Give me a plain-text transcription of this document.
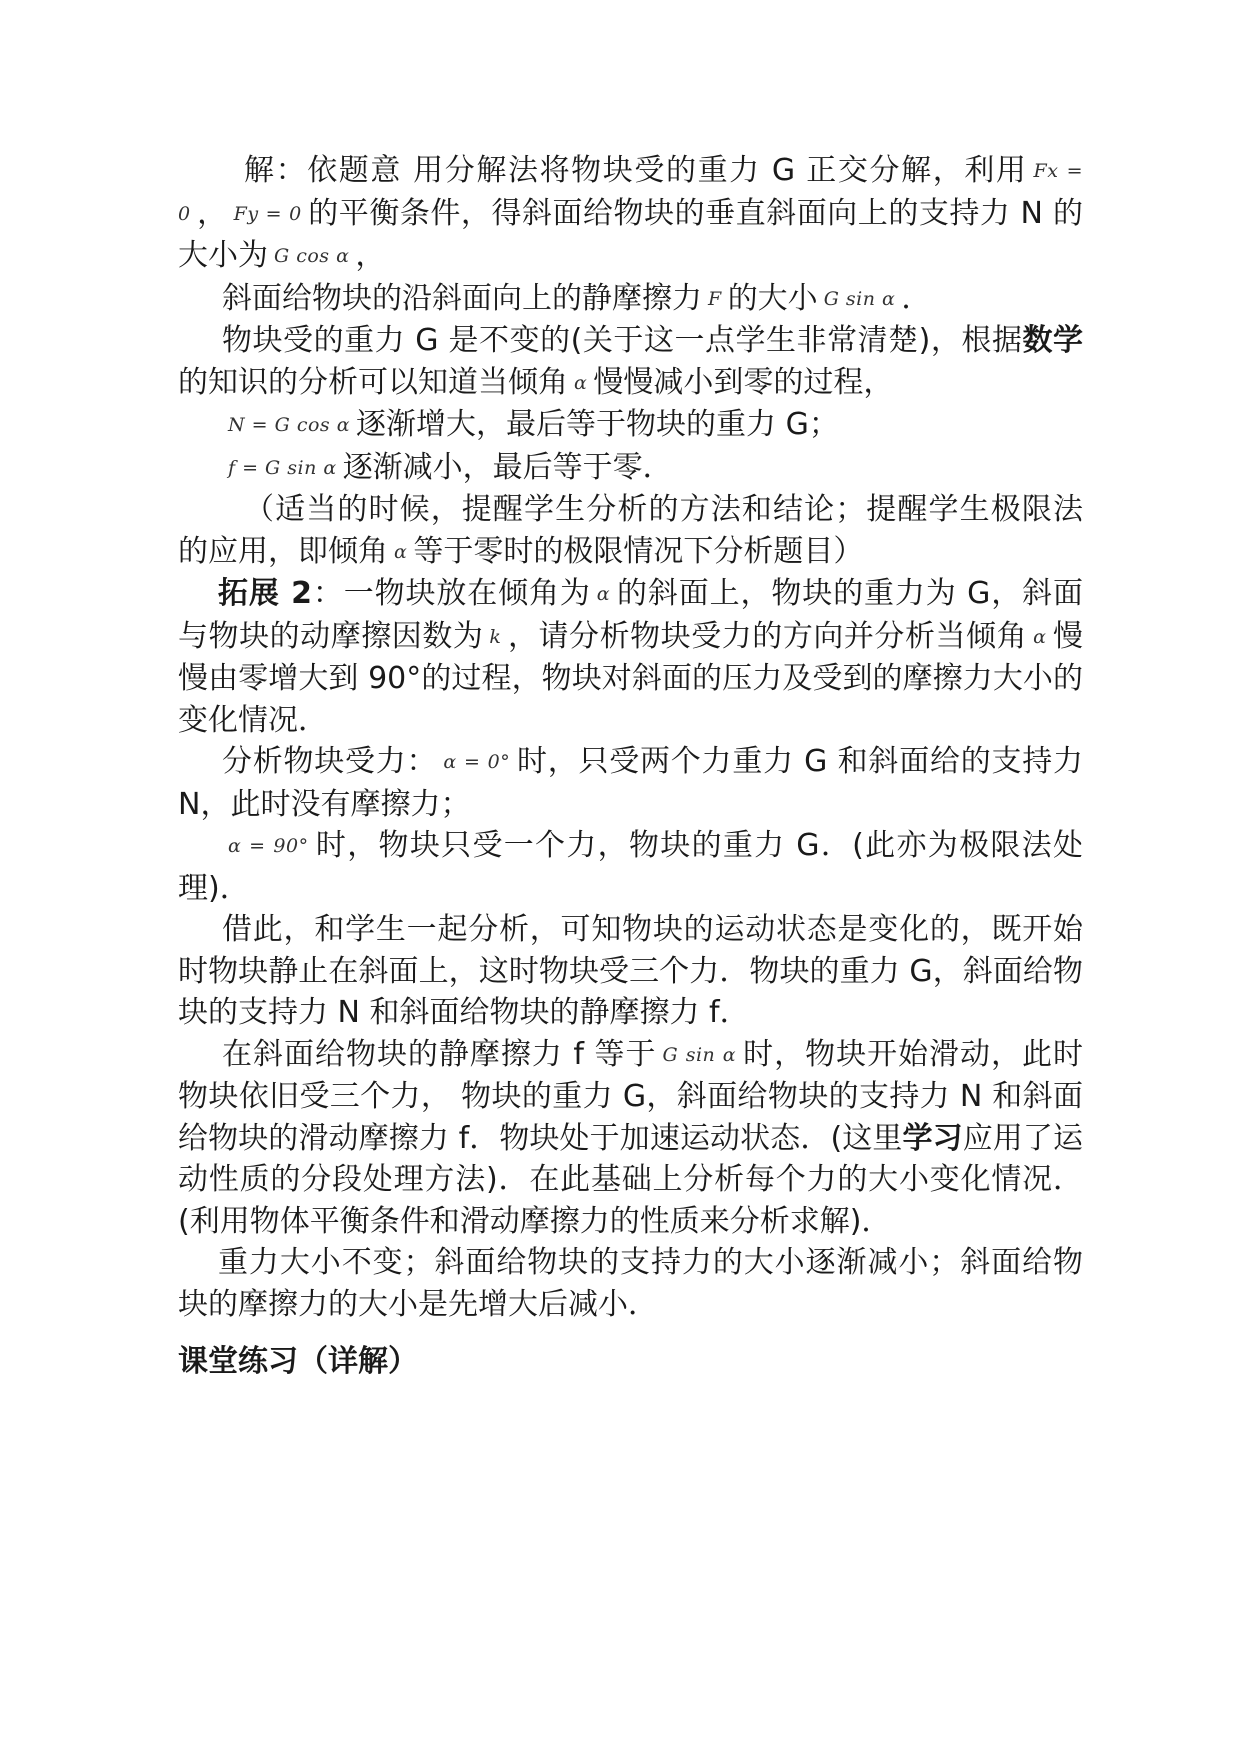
解：依题意 用分解法将物块受的重力 G 正交分解，利用 Fx = 0 ， Fy = 0 的平衡条件，得斜面给物块的垂直斜面向上的支持力 N 的大小为 G cos α ，

斜面给物块的沿斜面向上的静摩擦力 F 的大小 G sin α ．

物块受的重力 G 是不变的(关于这一点学生非常清楚)，根据数学的知识的分析可以知道当倾角 α 慢慢减小到零的过程，

N = G cos α 逐渐增大，最后等于物块的重力 G；

f = G sin α 逐渐减小，最后等于零．

（适当的时候，提醒学生分析的方法和结论；提醒学生极限法的应用，即倾角 α 等于零时的极限情况下分析题目）

拓展 2：一物块放在倾角为 α 的斜面上，物块的重力为 G，斜面与物块的动摩擦因数为 k ，请分析物块受力的方向并分析当倾角 α 慢慢由零增大到 90°的过程，物块对斜面的压力及受到的摩擦力大小的变化情况．

分析物块受力： α = 0° 时，只受两个力重力 G 和斜面给的支持力 N，此时没有摩擦力；

α = 90° 时，物块只受一个力，物块的重力 G．(此亦为极限法处理)．

借此，和学生一起分析，可知物块的运动状态是变化的，既开始时物块静止在斜面上，这时物块受三个力．物块的重力 G，斜面给物块的支持力 N 和斜面给物块的静摩擦力 f．

在斜面给物块的静摩擦力 f 等于 G sin α 时，物块开始滑动，此时物块依旧受三个力， 物块的重力 G，斜面给物块的支持力 N 和斜面给物块的滑动摩擦力 f．物块处于加速运动状态．(这里学习应用了运动性质的分段处理方法)．在此基础上分析每个力的大小变化情况．(利用物体平衡条件和滑动摩擦力的性质来分析求解)．

重力大小不变；斜面给物块的支持力的大小逐渐减小；斜面给物块的摩擦力的大小是先增大后减小．

课堂练习（详解）
